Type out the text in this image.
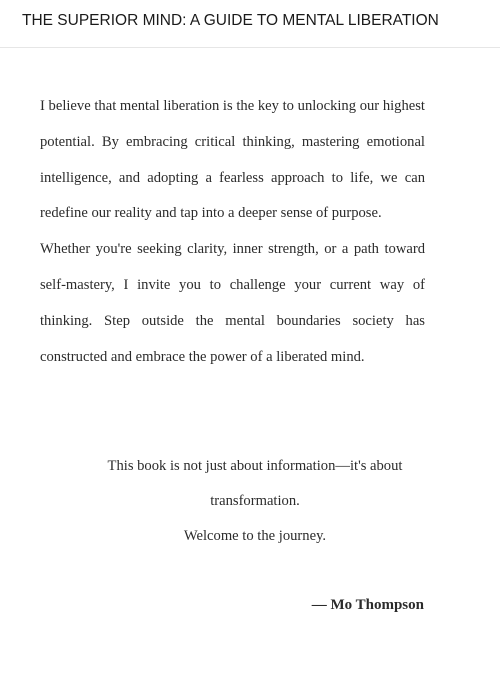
THE SUPERIOR MIND: A GUIDE TO MENTAL LIBERATION

I believe that mental liberation is the key to unlocking our highest potential. By embracing critical thinking, mastering emotional intelligence, and adopting a fearless approach to life, we can redefine our reality and tap into a deeper sense of purpose.

Whether you're seeking clarity, inner strength, or a path toward self-mastery, I invite you to challenge your current way of thinking. Step outside the mental boundaries society has constructed and embrace the power of a liberated mind.

This book is not just about information—it's about
transformation.
Welcome to the journey.
— Mo Thompson
